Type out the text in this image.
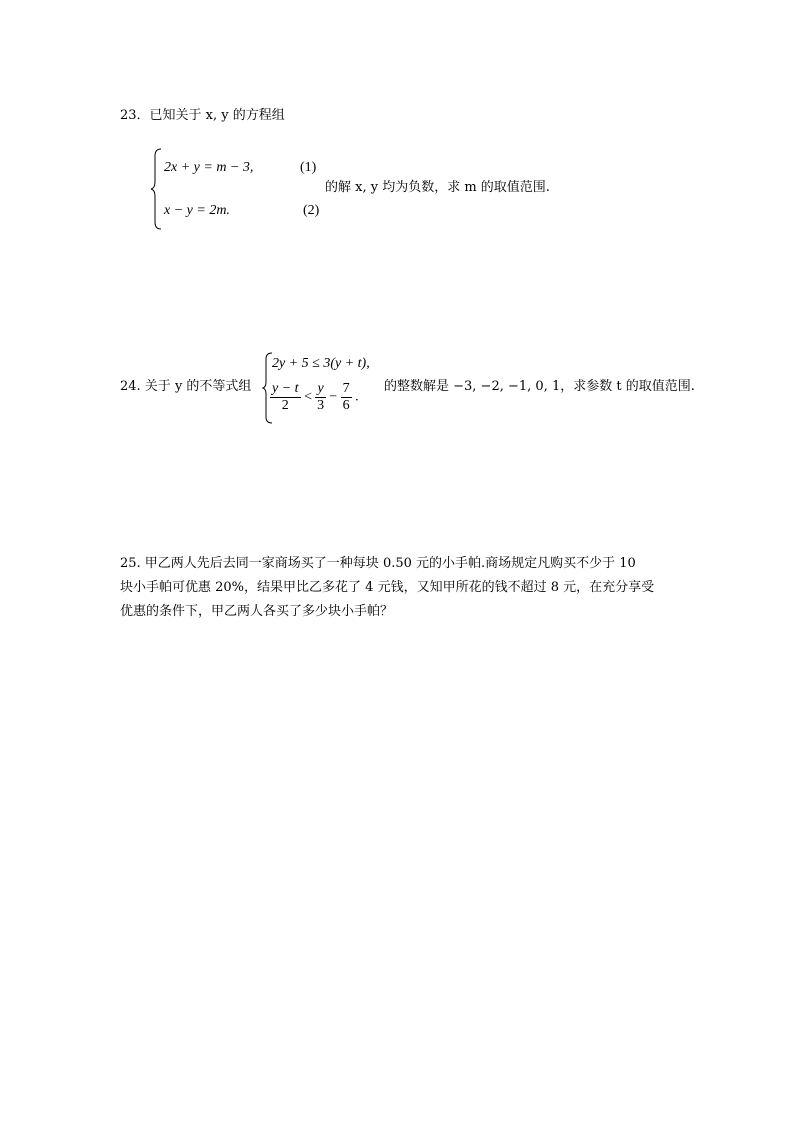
23．已知关于 x, y 的方程组
2x + y = m − 3,	(1)
x − y = 2m.	(2)
的解 x, y 均为负数，求 m 的取值范围.
24. 关于 y 的不等式组
2y + 5 ≤ 3(y + t),
$\frac{y - t}{2} < \frac{y}{3} - \frac{7}{6}$ .
的整数解是 −3, −2, −1, 0, 1，求参数 t 的取值范围.
25. 甲乙两人先后去同一家商场买了一种每块 0.50 元的小手帕.商场规定凡购买不少于 10
块小手帕可优惠 20%，结果甲比乙多花了 4 元钱，又知甲所花的钱不超过 8 元，在充分享受
优惠的条件下，甲乙两人各买了多少块小手帕？
